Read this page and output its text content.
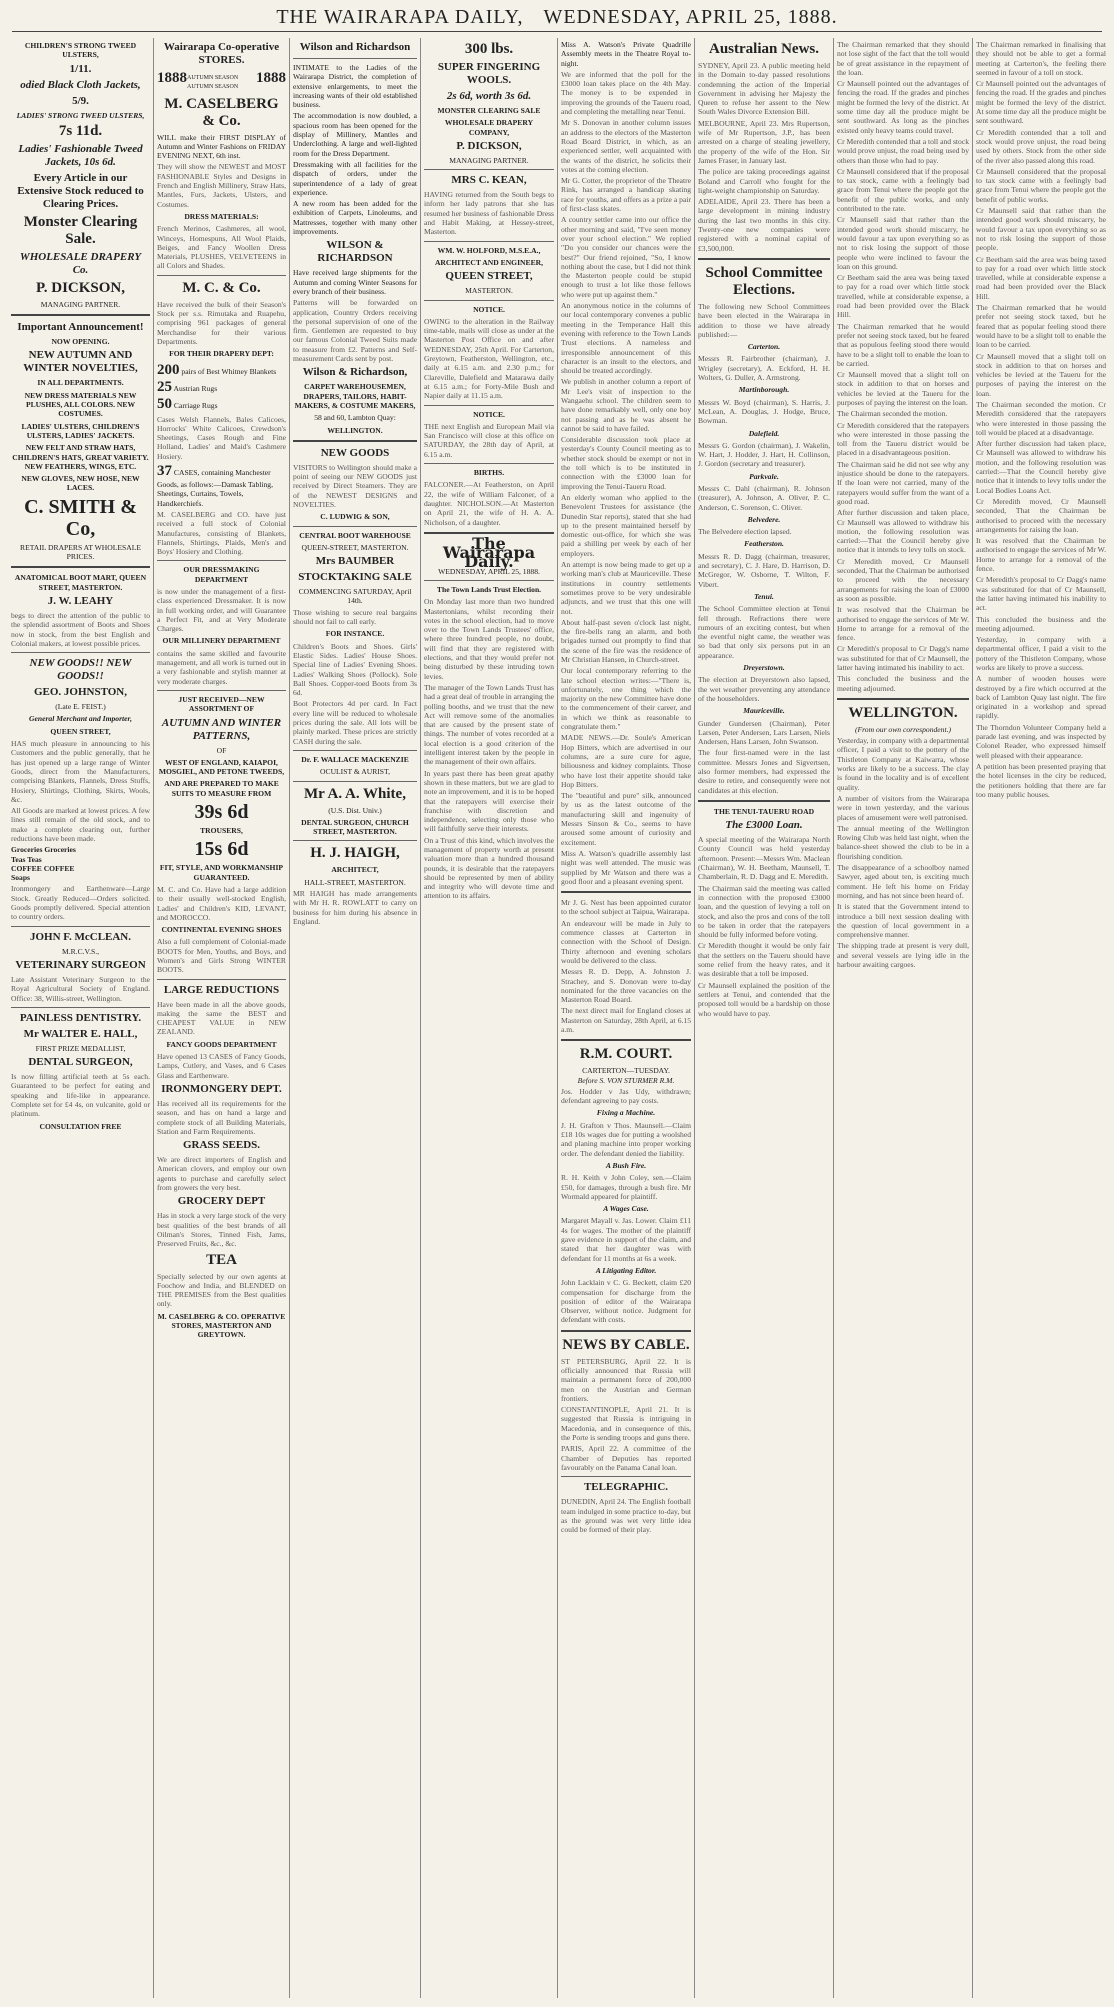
THE WAIRARAPA DAILY, WEDNESDAY, APRIL 25, 1888.
CHILDREN'S STRONG TWEED ULSTERS,
1/11.
odied Black Cloth Jackets,
5/9.
LADIES' STRONG TWEED ULSTERS,
7s 11d.
Ladies' Fashionable Tweed Jackets, 10s 6d.
Every Article in our Extensive Stock reduced to Clearing Prices.
Monster Clearing Sale.
WHOLESALE DRAPERY Co.
P. DICKSON,
MANAGING PARTNER.
Important Announcement!
NOW OPENING.
NEW AUTUMN AND WINTER NOVELTIES,
IN ALL DEPARTMENTS.
NEW DRESS MATERIALS NEW PLUSHES, ALL COLORS. NEW COSTUMES.
LADIES' ULSTERS, CHILDREN'S ULSTERS, LADIES' JACKETS.
NEW FELT AND STRAW HATS, CHILDREN'S HATS, GREAT VARIETY. NEW FEATHERS, WINGS, ETC.
NEW GLOVES, NEW HOSE, NEW LACES.
C. SMITH & Co,
RETAIL DRAPERS AT WHOLESALE PRICES.
ANATOMICAL BOOT MART, QUEEN STREET, MASTERTON.
J. W. LEAHY

begs to direct the attention of the public to the splendid assortment of Boots and Shoes now in stock, from the best English and Colonial makers, at lowest possible prices.

NEW GOODS!! NEW GOODS!!
GEO. JOHNSTON,
(Late E. FEIST.)
General Merchant and Importer,
QUEEN STREET,

HAS much pleasure in announcing to his Customers and the public generally, that he has just opened up a large range of Winter Goods, direct from the Manufacturers, comprising Blankets, Flannels, Dress Stuffs, Hosiery, Shirtings, Clothing, Skirts, Wools, &c.

All Goods are marked at lowest prices. A few lines still remain of the old stock, and to make a complete clearing out, further reductions have been made.

Groceries Groceries
Teas Teas
COFFEE COFFEE
Soaps

Ironmongery and Earthenware—Large Stock. Greatly Reduced—Orders solicited. Goods promptly delivered. Special attention to country orders.

JOHN F. McCLEAN.
M.R.C.V.S.,
VETERINARY SURGEON

Late Assistant Veterinary Surgeon to the Royal Agricultural Society of England. Office: 38, Willis-street, Wellington.

PAINLESS DENTISTRY.
Mr WALTER E. HALL,
FIRST PRIZE MEDALLIST,
DENTAL SURGEON,

Is now filling artificial teeth at 5s each. Guaranteed to be perfect for eating and speaking and life-like in appearance. Complete set for £4 4s, on vulcanite, gold or platinum.

CONSULTATION FREE
Wairarapa Co-operative STORES.
1888 AUTUMN SEASON AUTUMN SEASON
1888
M. CASELBERG & Co.

WILL make their FIRST DISPLAY of Autumn and Winter Fashions on FRIDAY EVENING NEXT, 6th inst.

They will show the NEWEST and MOST FASHIONABLE Styles and Designs in French and English Millinery, Straw Hats, Mantles, Furs, Jackets, Ulsters, and Costumes.

DRESS MATERIALS:

French Merinos, Cashmeres, all wool, Winceys, Homespuns, All Wool Plaids, Beiges, and Fancy Woollen Dress Materials, PLUSHES, VELVETEENS in all Colors and Shades.

M. C. & Co.

Have received the bulk of their Season's Stock per s.s. Rimutaka and Ruapehu, comprising 961 packages of general Merchandise for their various Departments.

FOR THEIR DRAPERY DEPT:
200 pairs of Best Whitney Blankets
25 Austrian Rugs
50 Carriage Rugs

Cases Welsh Flannels, Bales Calicoes, Horrocks' White Calicoes, Crewdson's Sheetings, Cases Rough and Fine Holland, Ladies' and Maid's Cashmere Hosiery.

37 CASES, containing Manchester Goods, as follows:—Damask Tabling, Sheetings, Curtains, Towels, Handkerchiefs.

M. CASELBERG and CO. have just received a full stock of Colonial Manufactures, consisting of Blankets, Flannels, Shirtings, Plaids, Men's and Boys' Hosiery and Clothing.

OUR DRESSMAKING DEPARTMENT

is now under the management of a first-class experienced Dressmaker. It is now in full working order, and will Guarantee a Perfect Fit, and at Very Moderate Charges.

OUR MILLINERY DEPARTMENT

contains the same skilled and favourite management, and all work is turned out in a very fashionable and stylish manner at very moderate charges.

JUST RECEIVED—NEW ASSORTMENT OF
AUTUMN AND WINTER PATTERNS,
OF
WEST OF ENGLAND, KAIAPOI, MOSGIEL, AND PETONE TWEEDS,
AND ARE PREPARED TO MAKE SUITS TO MEASURE FROM
39s 6d
TROUSERS,
15s 6d
FIT, STYLE, AND WORKMANSHIP GUARANTEED.

M. C. and Co. Have had a large addition to their usually well-stocked English, Ladies' and Children's KID, LEVANT, and MOROCCO.

CONTINENTAL EVENING SHOES

Also a full complement of Colonial-made BOOTS for Men, Youths, and Boys, and Women's and Girls Strong WINTER BOOTS.

LARGE REDUCTIONS

Have been made in all the above goods, making the same the BEST and CHEAPEST VALUE in NEW ZEALAND.

FANCY GOODS DEPARTMENT

Have opened 13 CASES of Fancy Goods, Lamps, Cutlery, and Vases, and 6 Cases Glass and Earthenware.

IRONMONGERY DEPT.

Has received all its requirements for the season, and has on hand a large and complete stock of all Building Materials, Station and Farm Requirements.

GRASS SEEDS.

We are direct importers of English and American clovers, and employ our own agents to purchase and carefully select from growers the very best.

GROCERY DEPT

Has in stock a very large stock of the very best qualities of the best brands of all Oilman's Stores, Tinned Fish, Jams, Preserved Fruits, &c., &c.

TEA

Specially selected by our own agents at Foochow and India, and BLENDED on THE PREMISES from the Best qualities only.

M. CASELBERG & CO. OPERATIVE STORES, MASTERTON AND GREYTOWN.
Wilson and Richardson

INTIMATE to the Ladies of the Wairarapa District, the completion of extensive enlargements, to meet the increasing wants of their old established business.

The accommodation is now doubled, a spacious room has been opened for the display of Millinery, Mantles and Underclothing. A large and well-lighted room for the Dress Department.

Dressmaking with all facilities for the dispatch of orders, under the superintendence of a lady of great experience.

A new room has been added for the exhibition of Carpets, Linoleums, and Mattresses, together with many other improvements.

WILSON & RICHARDSON

Have received large shipments for the Autumn and coming Winter Seasons for every branch of their business.

Patterns will be forwarded on application, Country Orders receiving the personal supervision of one of the firm. Gentlemen are requested to buy our famous Colonial Tweed Suits made to measure from £2. Patterns and Self-measurement Cards sent by post.

Wilson & Richardson,
CARPET WAREHOUSEMEN, DRAPERS, TAILORS, HABIT-MAKERS, & COSTUME MAKERS,
58 and 60, Lambton Quay:
WELLINGTON.
NEW GOODS

VISITORS to Wellington should make a point of seeing our NEW GOODS just received by Direct Steamers. They are of the NEWEST DESIGNS and NOVELTIES.

C. LUDWIG & SON,
CENTRAL BOOT WAREHOUSE
QUEEN-STREET, MASTERTON.
Mrs BAUMBER
STOCKTAKING SALE
COMMENCING SATURDAY, April 14th.

Those wishing to secure real bargains should not fail to call early.

FOR INSTANCE.

Children's Boots and Shoes. Girls' Elastic Sides. Ladies' House Shoes. Special line of Ladies' Evening Shoes. Ladies' Walking Shoes (Pollock). Sole Ball Shoes. Copper-toed Boots from 3s 6d.

Boot Protectors 4d per card. In Fact every line will be reduced to wholesale prices during the sale. All lots will be plainly marked. These prices are strictly CASH during the sale.

Dr. F. WALLACE MACKENZIE
OCULIST & AURIST,
Mr A. A. White,
(U.S. Dist. Univ.)
DENTAL SURGEON, CHURCH STREET, MASTERTON.
H. J. HAIGH,
ARCHITECT,
HALL-STREET, MASTERTON.

MR HAIGH has made arrangements with Mr H. R. ROWLATT to carry on business for him during his absence in England.

300 lbs.
SUPER FINGERING WOOLS.
2s 6d, worth 3s 6d.
MONSTER CLEARING SALE
WHOLESALE DRAPERY COMPANY,
P. DICKSON,
MANAGING PARTNER.
MRS C. KEAN,

HAVING returned from the South begs to inform her lady patrons that she has resumed her business of fashionable Dress and Habit Making, at Hessey-street, Masterton.

WM. W. HOLFORD, M.S.E.A.,
ARCHITECT AND ENGINEER,
QUEEN STREET,
MASTERTON.
NOTICE.

OWING to the alteration in the Railway time-table, mails will close as under at the Masterton Post Office on and after WEDNESDAY, 25th April. For Carterton, Greytown, Featherston, Wellington, etc., daily at 6.15 a.m. and 2.30 p.m.; for Clareville, Dalefield and Matarawa daily at 6.15 a.m.; for Forty-Mile Bush and Napier daily at 11.15 a.m.

NOTICE.

THE next English and European Mail via San Francisco will close at this office on SATURDAY, the 28th day of April, at 6.15 a.m.

BIRTHS.

FALCONER.—At Featherston, on April 22, the wife of William Falconer, of a daughter. NICHOLSON.—At Masterton on April 21, the wife of H. A. A. Nicholson, of a daughter.

The Wairarapa Daily.
WEDNESDAY, APRIL 25, 1888.
The Town Lands Trust Election.

On Monday last more than two hundred Mastertonians, whilst recording their votes in the school election, had to move over to the Town Lands Trustees' office, where three hundred people, no doubt, will find that they are registered with elections, and that they would prefer not being disturbed by these intruding town levies.

The manager of the Town Lands Trust has had a great deal of trouble in arranging the polling booths, and we trust that the new Act will remove some of the anomalies that are caused by the present state of things. The number of votes recorded at a local election is a good criterion of the intelligent interest taken by the people in the management of their own affairs.

In years past there has been great apathy shown in these matters, but we are glad to note an improvement, and it is to be hoped that the ratepayers will exercise their franchise with discretion and independence, selecting only those who will faithfully serve their interests.

On a Trust of this kind, which involves the management of property worth at present valuation more than a hundred thousand pounds, it is desirable that the ratepayers should be represented by men of ability and integrity who will devote time and attention to its affairs.

Miss A. Watson's Private Quadrille Assembly meets in the Theatre Royal to-night.

We are informed that the poll for the £3000 loan takes place on the 4th May. The money is to be expended in improving the grounds of the Taueru road, and completing the metalling near Tenui.

Mr S. Donovan in another column issues an address to the electors of the Masterton Road Board District, in which, as an experienced settler, well acquainted with the wants of the district, he solicits their votes at the coming election.

Mr G. Cotter, the proprietor of the Theatre Rink, has arranged a handicap skating race for youths, and offers as a prize a pair of first-class skates.

A country settler came into our office the other morning and said, "I've seen money over your school election." We replied "Do you consider our chances were the best?" Our friend rejoined, "So, I know nothing about the case, but I did not think the Masterton people could be stupid enough to trust a lot like those fellows who were put up against them."

An anonymous notice in the columns of our local contemporary convenes a public meeting in the Temperance Hall this evening with reference to the Town Lands Trust elections. A nameless and irresponsible announcement of this character is an insult to the electors, and should be treated accordingly.

We publish in another column a report of Mr Lee's visit of inspection to the Wangaehu school. The children seem to have done remarkably well, only one boy not passing and as he was absent he cannot be said to have failed.

Considerable discussion took place at yesterday's County Council meeting as to whether stock should be exempt or not in the toll which is to be instituted in connection with the £3000 loan for improving the Tenui-Taueru Road.

An elderly woman who applied to the Benevolent Trustees for assistance (the Dunedin Star reports), stated that she had up to the present maintained herself by domestic out-office, for which she was paid a shilling per week by each of her employers.

An attempt is now being made to get up a working man's club at Mauriceville. These institutions in country settlements sometimes prove to be very undesirable adjuncts, and we trust that this one will not.

About half-past seven o'clock last night, the fire-bells rang an alarm, and both brigades turned out promptly to find that the scene of the fire was the residence of Mr Christian Hansen, in Church-street.

Our local contemporary referring to the late school election writes:—"There is, unfortunately, one thing which the majority on the new Committee have done to the commencement of their career, and in which we think as reasonable to congratulate them."

MADE NEWS.—Dr. Soule's American Hop Bitters, which are advertised in our columns, are a sure cure for ague, biliousness and kidney complaints. Those who have lost their appetite should take Hop Bitters.

The "beautiful and pure" silk, announced by us as the latest outcome of the manufacturing skill and ingenuity of Messrs Sinson & Co., seems to have aroused some amount of curiosity and excitement.

Miss A. Watson's quadrille assembly last night was well attended. The music was supplied by Mr Watson and there was a good floor and a pleasant evening spent.

Mr J. G. Nest has been appointed curator to the school subject at Taipua, Wairarapa.

An endeavour will be made in July to commence classes at Carterton in connection with the School of Design. Thirty afternoon and evening scholars would be delivered to the class.

Messrs R. D. Depp, A. Johnston J. Strachey, and S. Donovan were to-day nominated for the three vacancies on the Masterton Road Board.

The next direct mail for England closes at Masterton on Saturday, 28th April, at 6.15 a.m.

R.M. COURT.
CARTERTON—TUESDAY.
Before S. VON STURMER R.M.

Jos. Hodder v Jas Udy, withdrawn; defendant agreeing to pay costs.

Fixing a Machine.

J. H. Grafton v Thos. Maunsell.—Claim £18 10s wages due for putting a woolshed and planing machine into proper working order. The defendant denied the liability.

A Bush Fire.

R. H. Keith v John Coley, sen.—Claim £50, for damages, through a bush fire. Mr Wormald appeared for plaintiff.

A Wages Case.

Margaret Mayall v. Jas. Lower. Claim £11 4s for wages. The mother of the plaintiff gave evidence in support of the claim, and stated that her daughter was with defendant for 11 months at 6s a week.

A Litigating Editor.

John Lacklain v C. G. Beckett, claim £20 compensation for discharge from the position of editor of the Wairarapa Observer, without notice. Judgment for defendant with costs.

NEWS BY CABLE.

ST PETERSBURG, April 22. It is officially announced that Russia will maintain a permanent force of 200,000 men on the Austrian and German frontiers.

CONSTANTINOPLE, April 21. It is suggested that Russia is intriguing in Macedonia, and in consequence of this, the Porte is sending troops and guns there.

PARIS, April 22. A committee of the Chamber of Deputies has reported favourably on the Panama Canal loan.

TELEGRAPHIC.

DUNEDIN, April 24. The English football team indulged in some practice to-day, but as the ground was wet very little idea could be formed of their play.

Australian News.

SYDNEY, April 23. A public meeting held in the Domain to-day passed resolutions condemning the action of the Imperial Government in advising her Majesty the Queen to refuse her assent to the New South Wales Divorce Extension Bill.

MELBOURNE, April 23. Mrs Rupertson, wife of Mr Rupertson, J.P., has been arrested on a charge of stealing jewellery, the property of the wife of the Hon. Sir James Fraser, in January last.

The police are taking proceedings against Boland and Carroll who fought for the light-weight championship on Saturday.

ADELAIDE, April 23. There has been a large development in mining industry during the last two months in this city. Twenty-one new companies were registered with a nominal capital of £3,500,000.

School Committee Elections.

The following new School Committees have been elected in the Wairarapa in addition to those we have already published:—

Carterton.

Messrs R. Fairbrother (chairman), J. Wrigley (secretary), A. Eckford, H. H. Wolters, G. Duller, A. Armstrong.

Martinborough.

Messrs W. Boyd (chairman), S. Harris, J. McLean, A. Douglas, J. Hodge, Bruce, Bowman.

Dalefield.

Messrs G. Gordon (chairman), J. Wakelin, W. Hart, J. Hodder, J. Hart, H. Collinson, J. Gordon (secretary and treasurer).

Parkvale.

Messrs C. Dahl (chairman), R. Johnson (treasurer), A. Johnson, A. Oliver, P. C. Anderson, C. Sorenson, C. Oliver.

Belvedere.

The Belvedere election lapsed.

Featherston.

Messrs R. D. Dagg (chairman, treasurer, and secretary), C. J. Hare, D. Harrison, D. McGregor, W. Osborne, T. Wilton, F. Vibert.

Tenui.

The School Committee election at Tenui fell through. Refractions there were rumours of an exciting contest, but when the eventful night came, the weather was so bad that only six persons put in an appearance.

Dreyerstown.

The election at Dreyerstown also lapsed, the wet weather preventing any attendance of the householders.

Mauriceville.

Gunder Gundersen (Chairman), Peter Larsen, Peter Andersen, Lars Larsen, Niels Andersen, Hans Larsen, John Swanson.

The four first-named were in the last committee. Messrs Jones and Sigvertsen, also former members, had expressed the desire to retire, and consequently were not candidates at this election.

THE TENUI-TAUERU ROAD
The £3000 Loan.

A special meeting of the Wairarapa North County Council was held yesterday afternoon. Present:—Messrs Wm. Maclean (Chairman), W. H. Beetham, Maunsell, T. Chamberlain, R. D. Dagg and E. Meredith.

The Chairman said the meeting was called in connection with the proposed £3000 loan, and the question of levying a toll on stock, and also the pros and cons of the toll to be taken in order that the ratepayers should be fully informed before voting.

Cr Meredith thought it would be only fair that the settlers on the Taueru should have some relief from the heavy rates, and it was desirable that a toll be imposed.

Cr Maunsell explained the position of the settlers at Tenui, and contended that the proposed toll would be a hardship on those who would have to pay.

The Chairman remarked that they should not lose sight of the fact that the toll would be of great assistance in the repayment of the loan.

Cr Maunsell pointed out the advantages of fencing the road. If the grades and pinches might be formed the levy of the district. At some time day all the produce might be sent southward. As long as the pinches existed only heavy teams could travel.

Cr Meredith contended that a toll and stock would prove unjust, the road being used by others than those who had to pay.

Cr Maunsell considered that if the proposal to tax stock, came with a feelingly bad grace from Tenui where the people got the benefit of the public works, and only contributed to the rate.

Cr Maunsell said that rather than the intended good work should miscarry, he would favour a tax upon everything so as not to risk losing the support of those people who were inclined to favour the loan on this ground.

Cr Beetham said the area was being taxed to pay for a road over which little stock travelled, while at considerable expense, a road had been provided over the Black Hill.

The Chairman remarked that he would prefer not seeing stock taxed, but he feared that as populous feeling stood there would have to be a slight toll to enable the loan to be carried.

Cr Maunsell moved that a slight toll on stock in addition to that on horses and vehicles be levied at the Taueru for the purposes of paying the interest on the loan.

The Chairman seconded the motion.

Cr Meredith considered that the ratepayers who were interested in those passing the toll from the Taueru district would be placed in a disadvantageous position.

The Chairman said he did not see why any injustice should be done to the ratepayers. If the loan were not carried, many of the ratepayers would suffer from the want of a good road.

After further discussion and taken place, Cr Maunsell was allowed to withdraw his motion, the following resolution was carried:—That the Council hereby give notice that it intends to levy tolls on stock.

Cr Meredith moved, Cr Maunsell seconded, That the Chairman be authorised to proceed with the necessary arrangements for raising the loan of £3000 as soon as possible.

It was resolved that the Chairman be authorised to engage the services of Mr W. Horne to arrange for a removal of the fence.

Cr Meredith's proposal to Cr Dagg's name was substituted for that of Cr Maunsell, the latter having intimated his inability to act.

This concluded the business and the meeting adjourned.

WELLINGTON.
(From our own correspondent.)

Yesterday, in company with a departmental officer, I paid a visit to the pottery of the Thistleton Company at Kaiwarra, whose works are likely to be a success. The clay is found in the locality and is of excellent quality.

A number of visitors from the Wairarapa were in town yesterday, and the various places of amusement were well patronised.

The annual meeting of the Wellington Rowing Club was held last night, when the balance-sheet showed the club to be in a flourishing condition.

The disappearance of a schoolboy named Sawyer, aged about ten, is exciting much comment. He left his home on Friday morning, and has not since been heard of.

It is stated that the Government intend to introduce a bill next session dealing with the question of local government in a comprehensive manner.

The shipping trade at present is very dull, and several vessels are lying idle in the harbour awaiting cargoes.

The Chairman remarked in finalising that they should not be able to get a formal meeting at Carterton's, the feeling there seemed in favour of a toll on stock.

Cr Maunsell pointed out the advantages of fencing the road. If the grades and pinches might be formed the levy of the district. At some time day all the produce might be sent southward.

Cr Meredith contended that a toll and stock would prove unjust, the road being used by others. Stock from the other side of the river also passed along this road.

Cr Maunsell considered that the proposal to tax stock came with a feelingly bad grace from Tenui where the people got the benefit of public works.

Cr Maunsell said that rather than the intended good work should miscarry, he would favour a tax upon everything so as not to risk losing the support of those people.

Cr Beetham said the area was being taxed to pay for a road over which little stock travelled, while at considerable expense a road had been provided over the Black Hill.

The Chairman remarked that he would prefer not seeing stock taxed, but he feared that as popular feeling stood there would have to be a slight toll to enable the loan to be carried.

Cr Maunsell moved that a slight toll on stock in addition to that on horses and vehicles be levied at the Taueru for the purposes of paying the interest on the loan.

The Chairman seconded the motion. Cr Meredith considered that the ratepayers who were interested in those passing the toll would be placed at a disadvantage.

After further discussion had taken place, Cr Maunsell was allowed to withdraw his motion, and the following resolution was carried:—That the Council hereby give notice that it intends to levy tolls under the Local Bodies Loans Act.

Cr Meredith moved, Cr Maunsell seconded, That the Chairman be authorised to proceed with the necessary arrangements for raising the loan.

It was resolved that the Chairman be authorised to engage the services of Mr W. Horne to arrange for a removal of the fence.

Cr Meredith's proposal to Cr Dagg's name was substituted for that of Cr Maunsell, the latter having intimated his inability to act.

This concluded the business and the meeting adjourned.

Yesterday, in company with a departmental officer, I paid a visit to the pottery of the Thistleton Company, whose works are likely to prove a success.

A number of wooden houses were destroyed by a fire which occurred at the back of Lambton Quay last night. The fire originated in a workshop and spread rapidly.

The Thorndon Volunteer Company held a parade last evening, and was inspected by Colonel Reader, who expressed himself well pleased with their appearance.

A petition has been presented praying that the hotel licenses in the city be reduced, the petitioners holding that there are far too many public houses.
